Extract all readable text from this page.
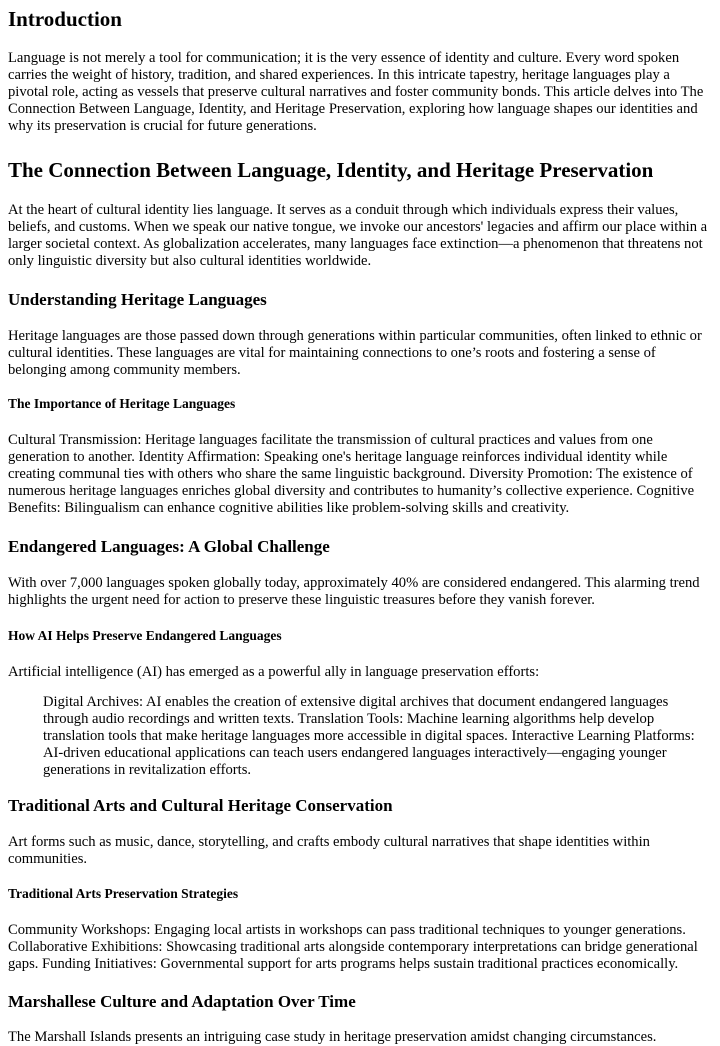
Introduction

Language is not merely a tool for communication; it is the very essence of identity and culture. Every word spoken carries the weight of history, tradition, and shared experiences. In this intricate tapestry, heritage languages play a pivotal role, acting as vessels that preserve cultural narratives and foster community bonds. This article delves into The Connection Between Language, Identity, and Heritage Preservation, exploring how language shapes our identities and why its preservation is crucial for future generations.

The Connection Between Language, Identity, and Heritage Preservation

At the heart of cultural identity lies language. It serves as a conduit through which individuals express their values, beliefs, and customs. When we speak our native tongue, we invoke our ancestors' legacies and affirm our place within a larger societal context. As globalization accelerates, many languages face extinction—a phenomenon that threatens not only linguistic diversity but also cultural identities worldwide.

Understanding Heritage Languages

Heritage languages are those passed down through generations within particular communities, often linked to ethnic or cultural identities. These languages are vital for maintaining connections to one’s roots and fostering a sense of belonging among community members.

The Importance of Heritage Languages

Cultural Transmission: Heritage languages facilitate the transmission of cultural practices and values from one generation to another. Identity Affirmation: Speaking one's heritage language reinforces individual identity while creating communal ties with others who share the same linguistic background. Diversity Promotion: The existence of numerous heritage languages enriches global diversity and contributes to humanity’s collective experience. Cognitive Benefits: Bilingualism can enhance cognitive abilities like problem-solving skills and creativity.

Endangered Languages: A Global Challenge

With over 7,000 languages spoken globally today, approximately 40% are considered endangered. This alarming trend highlights the urgent need for action to preserve these linguistic treasures before they vanish forever.

How AI Helps Preserve Endangered Languages

Artificial intelligence (AI) has emerged as a powerful ally in language preservation efforts:

Digital Archives: AI enables the creation of extensive digital archives that document endangered languages through audio recordings and written texts. Translation Tools: Machine learning algorithms help develop translation tools that make heritage languages more accessible in digital spaces. Interactive Learning Platforms: AI-driven educational applications can teach users endangered languages interactively—engaging younger generations in revitalization efforts.
Traditional Arts and Cultural Heritage Conservation

Art forms such as music, dance, storytelling, and crafts embody cultural narratives that shape identities within communities.

Traditional Arts Preservation Strategies

Community Workshops: Engaging local artists in workshops can pass traditional techniques to younger generations. Collaborative Exhibitions: Showcasing traditional arts alongside contemporary interpretations can bridge generational gaps. Funding Initiatives: Governmental support for arts programs helps sustain traditional practices economically.

Marshallese Culture and Adaptation Over Time

The Marshall Islands presents an intriguing case study in heritage preservation amidst changing circumstances.
